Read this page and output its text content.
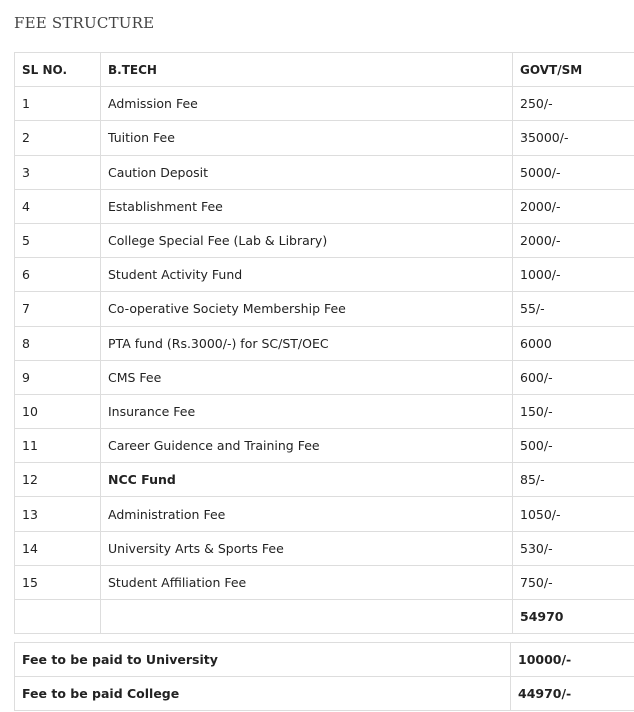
FEE STRUCTURE
SL NO.	B.TECH	GOVT/SM
1	Admission Fee	250/-
2	Tuition Fee	35000/-
3	Caution Deposit	5000/-
4	Establishment Fee	2000/-
5	College Special Fee (Lab & Library)	2000/-
6	Student Activity Fund	1000/-
7	Co-operative Society Membership Fee	55/-
8	PTA fund (Rs.3000/-) for SC/ST/OEC	6000
9	CMS Fee	600/-
10	Insurance Fee	150/-
11	Career Guidence and Training Fee	500/-
12	NCC Fund	85/-
13	Administration Fee	1050/-
14	University Arts & Sports Fee	530/-
15	Student Affiliation Fee	750/-
		54970
Fee to be paid to University	10000/-
Fee to be paid College	44970/-
